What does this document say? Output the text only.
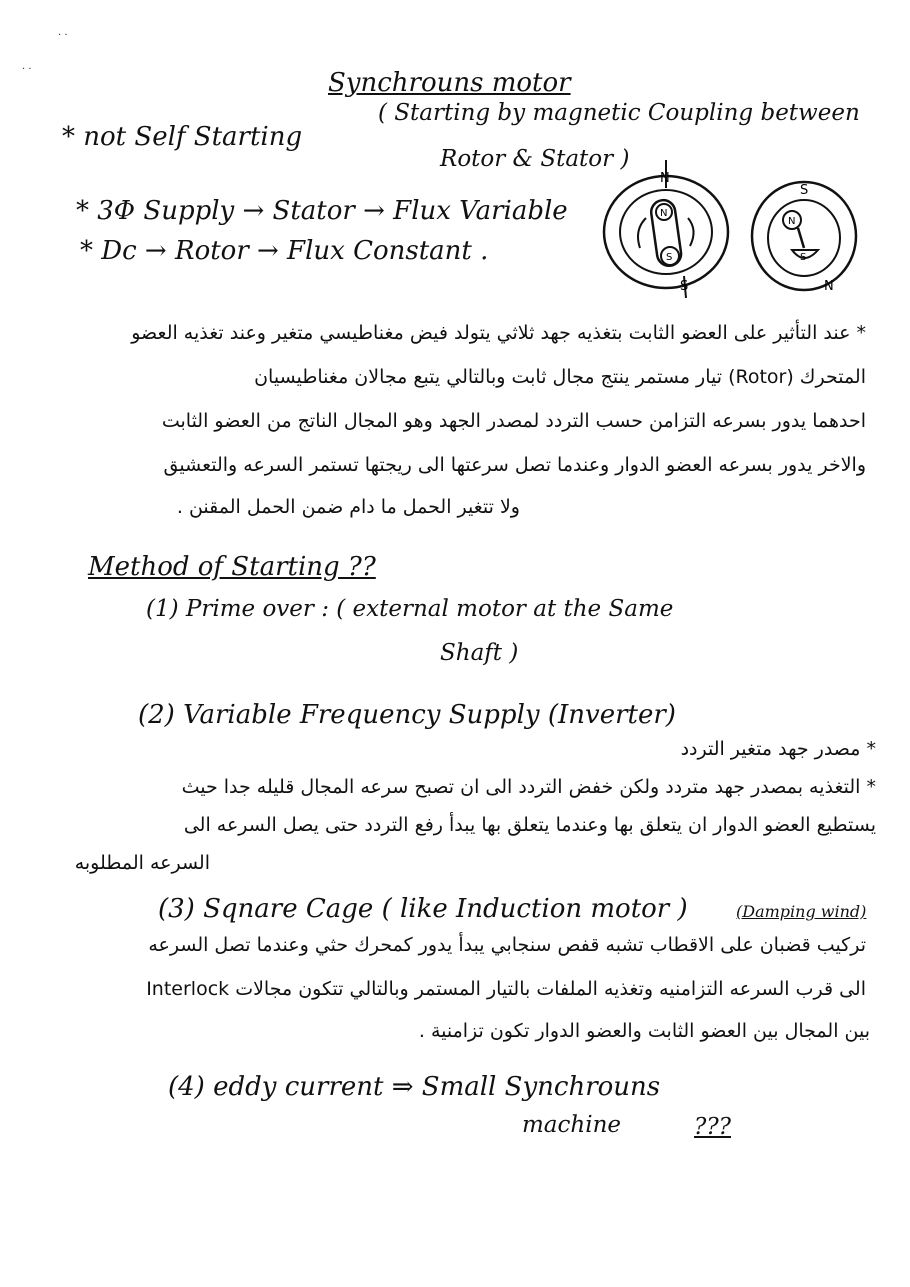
· ·
· ·	Synchrouns motor
* not Self Starting
( Starting by magnetic Coupling between
Rotor & Stator )
* 3Φ Supply → Stator → Flux Variable
* Dc → Rotor → Flux Constant .
N
S
N
S
S
N
N
S
* عند التأثير على العضو الثابت بتغذيه جهد ثلاثي يتولد فيض مغناطيسي متغير وعند تغذيه العضو
المتحرك (Rotor) تيار مستمر ينتج مجال ثابت وبالتالي يتبع مجالان مغناطيسيان
احدهما يدور بسرعه التزامن حسب التردد لمصدر الجهد وهو المجال الناتج من العضو الثابت
والاخر يدور بسرعه العضو الدوار وعندما تصل سرعتها الى ريجتها تستمر السرعه والتعشيق
ولا تتغير الحمل ما دام ضمن الحمل المقنن .
Method of Starting ??
(1) Prime over : ( external motor at the Same
Shaft )
(2) Variable Frequency Supply (Inverter)
* مصدر جهد متغير التردد
* التغذيه بمصدر جهد متردد ولكن خفض التردد الى ان تصبح سرعه المجال قليله جدا حيث
يستطيع العضو الدوار ان يتعلق بها وعندما يتعلق بها يبدأ رفع التردد حتى يصل السرعه الى
السرعه المطلوبه
(3) Sqnare Cage ( like Induction motor )	(Damping wind)
تركيب قضبان على الاقطاب تشبه قفص سنجابي يبدأ يدور كمحرك حثي وعندما تصل السرعه
الى قرب السرعه التزامنيه وتغذيه الملفات بالتيار المستمر وبالتالي تتكون مجالات Interlock
بين المجال بين العضو الثابت والعضو الدوار تكون تزامنية .
(4) eddy current ⇒ Small Synchrouns
machine	???
